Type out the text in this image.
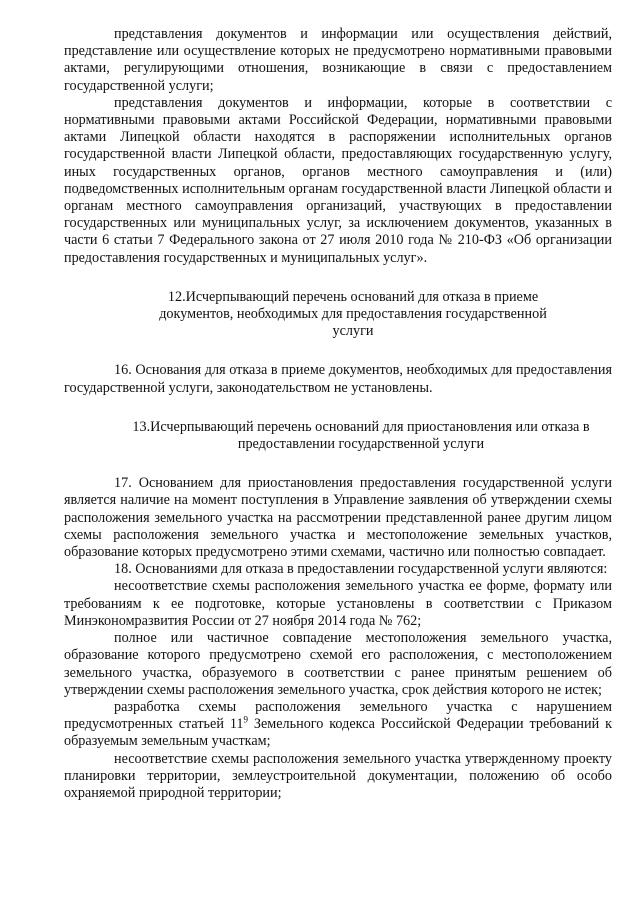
представления документов и информации или осуществления действий, представление или осуществление которых не предусмотрено нормативными правовыми актами, регулирующими отношения, возникающие в связи с предоставлением государственной услуги;

представления документов и информации, которые в соответствии с нормативными правовыми актами Российской Федерации, нормативными правовыми актами Липецкой области находятся в распоряжении исполнительных органов государственной власти Липецкой области, предоставляющих государственную услугу, иных государственных органов, органов местного самоуправления и (или) подведомственных исполнительным органам государственной власти Липецкой области и органам местного самоуправления организаций, участвующих в предоставлении государственных или муниципальных услуг, за исключением документов, указанных в части 6 статьи 7 Федерального закона от 27 июля 2010 года № 210-ФЗ «Об организации предоставления государственных и муниципальных услуг».

12.Исчерпывающий перечень оснований для отказа в приеме документов, необходимых для предоставления государственной услуги

16. Основания для отказа в приеме документов, необходимых для предоставления государственной услуги, законодательством не установлены.

13.Исчерпывающий перечень оснований для приостановления или отказа в предоставлении государственной услуги

17. Основанием для приостановления предоставления государственной услуги является наличие на момент поступления в Управление заявления об утверждении схемы расположения земельного участка на рассмотрении представленной ранее другим лицом схемы расположения земельного участка и местоположение земельных участков, образование которых предусмотрено этими схемами, частично или полностью совпадает.

18. Основаниями для отказа в предоставлении государственной услуги являются:

несоответствие схемы расположения земельного участка ее форме, формату или требованиям к ее подготовке, которые установлены в соответствии с Приказом Минэкономразвития России от 27 ноября 2014 года № 762;

полное или частичное совпадение местоположения земельного участка, образование которого предусмотрено схемой его расположения, с местоположением земельного участка, образуемого в соответствии с ранее принятым решением об утверждении схемы расположения земельного участка, срок действия которого не истек;

разработка схемы расположения земельного участка с нарушением предусмотренных статьей $11^9$ Земельного кодекса Российской Федерации требований к образуемым земельным участкам;

несоответствие схемы расположения земельного участка утвержденному проекту планировки территории, землеустроительной документации, положению об особо охраняемой природной территории;
